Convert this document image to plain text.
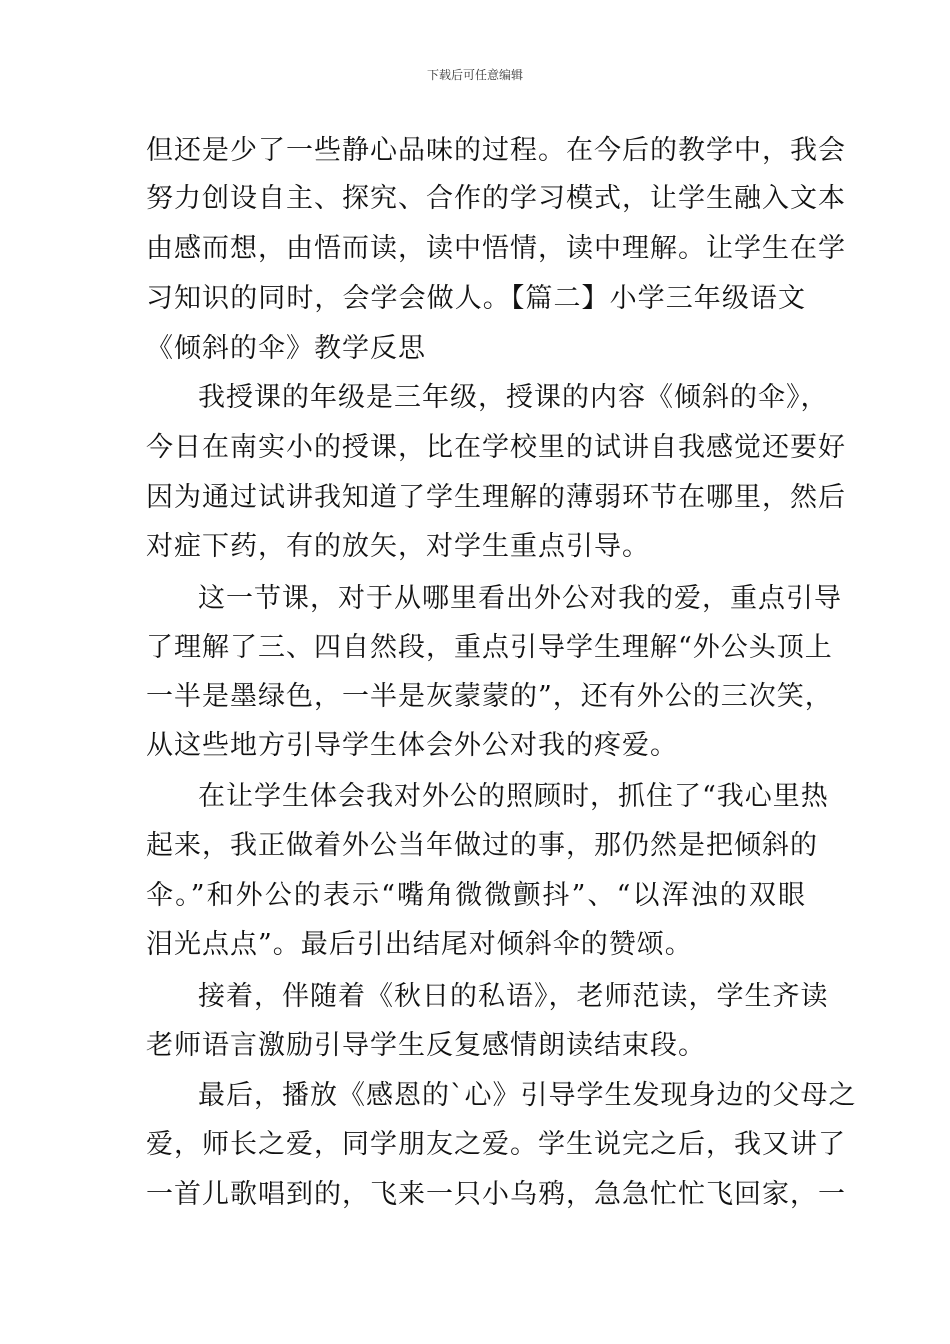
下载后可任意编辑
但还是少了一些静心品味的过程。在今后的教学中，我会
努力创设自主、探究、合作的学习模式，让学生融入文本
由感而想，由悟而读，读中悟情，读中理解。让学生在学
习知识的同时，会学会做人。【篇二】小学三年级语文
《倾斜的伞》教学反思
我授课的年级是三年级，授课的内容《倾斜的伞》，
今日在南实小的授课，比在学校里的试讲自我感觉还要好
因为通过试讲我知道了学生理解的薄弱环节在哪里，然后
对症下药，有的放矢，对学生重点引导。
这一节课，对于从哪里看出外公对我的爱，重点引导
了理解了三、四自然段，重点引导学生理解“外公头顶上
一半是墨绿色，一半是灰蒙蒙的”，还有外公的三次笑，
从这些地方引导学生体会外公对我的疼爱。
在让学生体会我对外公的照顾时，抓住了“我心里热
起来，我正做着外公当年做过的事，那仍然是把倾斜的
伞。”和外公的表示“嘴角微微颤抖”、“以浑浊的双眼
泪光点点”。最后引出结尾对倾斜伞的赞颂。
接着，伴随着《秋日的私语》，老师范读，学生齐读
老师语言激励引导学生反复感情朗读结束段。
最后，播放《感恩的`心》引导学生发现身边的父母之
爱，师长之爱，同学朋友之爱。学生说完之后，我又讲了
一首儿歌唱到的，飞来一只小乌鸦，急急忙忙飞回家，一
